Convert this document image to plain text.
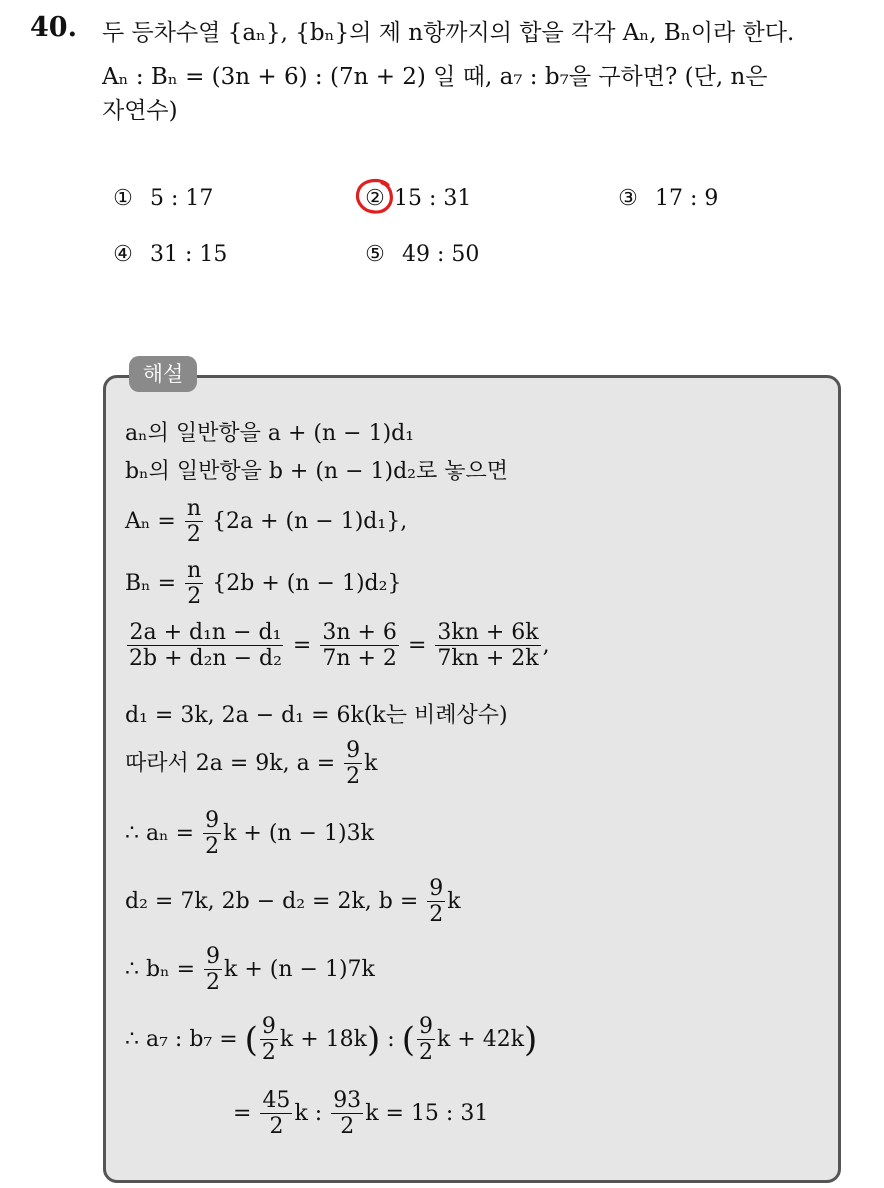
40. 두 등차수열 {aₙ}, {bₙ}의 제 n항까지의 합을 각각 Aₙ, Bₙ이라 한다.
Aₙ : Bₙ = (3n + 6) : (7n + 2) 일 때, a₇ : b₇을 구하면? (단, n은
자연수)
① 5 : 17	② 15 : 31	③ 17 : 9
④ 31 : 15	⑤ 49 : 50
해설
aₙ의 일반항을 a + (n − 1)d₁
bₙ의 일반항을 b + (n − 1)d₂로 놓으면
$A_n = \frac{n}{2} \{2a + (n - 1)d_1\}$,
$B_n = \frac{n}{2} \{2b + (n - 1)d_2\}$
$\frac{\text{2a + d₁n − d₁}}{\text{2b + d₂n − d₂}} = \frac{3n + 6}{7n + 2} = \frac{3kn + 6k}{7kn + 2k}$ ,
d₁ = 3k, 2a − d₁ = 6k(k는 비례상수)
따라서 2a = 9k, $a = \frac{9}{2}$ k
∴ $a_n = \frac{9}{2}$ k + (n − 1)3k
d₂ = 7k, 2b − d₂ = 2k, $b = \frac{9}{2}$ k
∴ $b_n = \frac{9}{2}$ k + (n − 1)7k
∴ a₇ : b₇ = ( $\frac{9}{2}$ k + 18k) : ( $\frac{9}{2}$ k + 42k)
= $\frac{45}{2}$ k : $\frac{93}{2}$ k = 15 : 31
